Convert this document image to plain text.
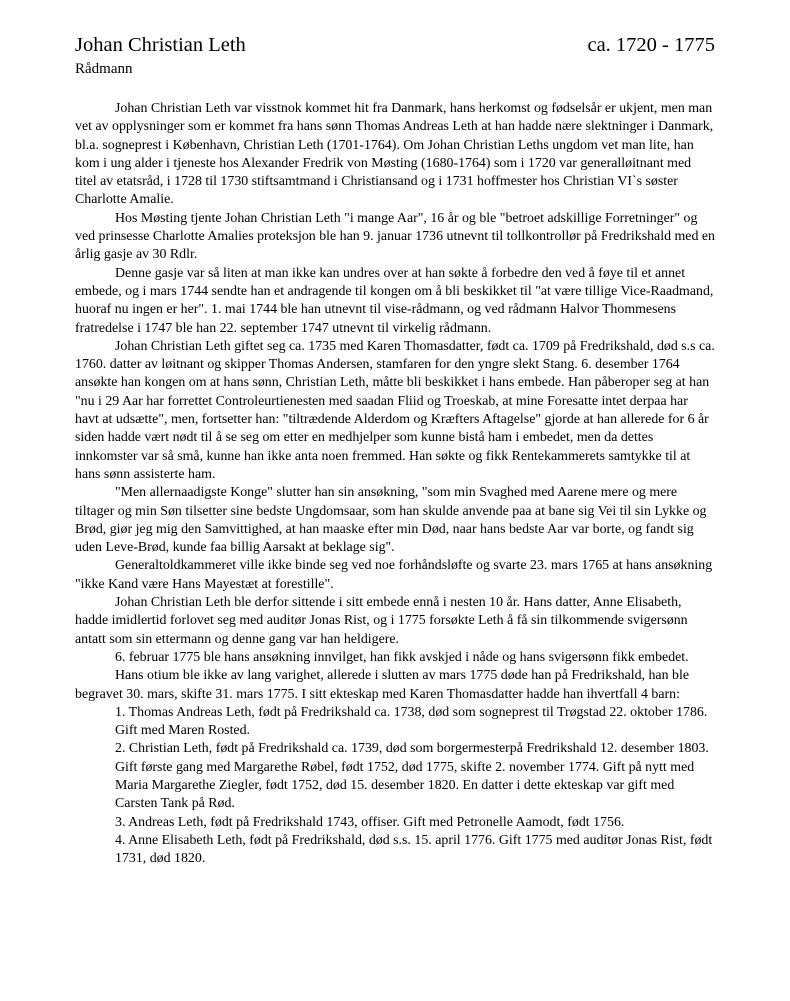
Johan Christian Leth	ca. 1720 - 1775
Rådmann

Johan Christian Leth var visstnok kommet hit fra Danmark, hans herkomst og fødselsår er ukjent, men man vet av opplysninger som er kommet fra hans sønn Thomas Andreas Leth at han hadde nære slektninger i Danmark, bl.a. sogneprest i København, Christian Leth (1701-1764). Om Johan Christian Leths ungdom vet man lite, han kom i ung alder i tjeneste hos Alexander Fredrik von Møsting (1680-1764) som i 1720 var generalløitnant med titel av etatsråd, i 1728 til 1730 stiftsamtmand i Christiansand og i 1731 hoffmester hos Christian VI`s søster Charlotte Amalie.

Hos Møsting tjente Johan Christian Leth "i mange Aar", 16 år og ble "betroet adskillige Forretninger" og ved prinsesse Charlotte Amalies proteksjon ble han 9. januar 1736 utnevnt til tollkontrollør på Fredrikshald med en årlig gasje av 30 Rdlr.

Denne gasje var så liten at man ikke kan undres over at han søkte å forbedre den ved å føye til et annet embede, og i mars 1744 sendte han et andragende til kongen om å bli beskikket til "at være tillige Vice-Raadmand, huoraf nu ingen er her". 1. mai 1744 ble han utnevnt til vise-rådmann, og ved rådmann Halvor Thommesens fratredelse i 1747 ble han 22. september 1747 utnevnt til virkelig rådmann.

Johan Christian Leth giftet seg ca. 1735 med Karen Thomasdatter, født ca. 1709 på Fredrikshald, død s.s ca. 1760. datter av løitnant og skipper Thomas Andersen, stamfaren for den yngre slekt Stang. 6. desember 1764 ansøkte han kongen om at hans sønn, Christian Leth, måtte bli beskikket i hans embede. Han påberoper seg at han "nu i 29 Aar har forrettet Controleurtienesten med saadan Fliid og Troeskab, at mine Foresatte intet derpaa har havt at udsætte", men, fortsetter han: "tiltrædende Alderdom og Kræfters Aftagelse" gjorde at han allerede for 6 år siden hadde vært nødt til å se seg om etter en medhjelper som kunne bistå ham i embedet, men da dettes innkomster var så små, kunne han ikke anta noen fremmed. Han søkte og fikk Rentekammerets samtykke til at hans sønn assisterte ham.

"Men allernaadigste Konge" slutter han sin ansøkning, "som min Svaghed med Aarene mere og mere tiltager og min Søn tilsetter sine bedste Ungdomsaar, som han skulde anvende paa at bane sig Vei til sin Lykke og Brød, giør jeg mig den Samvittighed, at han maaske efter min Død, naar hans bedste Aar var borte, og fandt sig uden Leve-Brød, kunde faa billig Aarsakt at beklage sig".

Generaltoldkammeret ville ikke binde seg ved noe forhåndsløfte og svarte 23. mars 1765 at hans ansøkning "ikke Kand være Hans Mayestæt at forestille".

Johan Christian Leth ble derfor sittende i sitt embede ennå i nesten 10 år. Hans datter, Anne Elisabeth, hadde imidlertid forlovet seg med auditør Jonas Rist, og i 1775 forsøkte Leth å få sin tilkommende svigersønn antatt som sin ettermann og denne gang var han heldigere.

6. februar 1775 ble hans ansøkning innvilget, han fikk avskjed i nåde og hans svigersønn fikk embedet.

Hans otium ble ikke av lang varighet, allerede i slutten av mars 1775 døde han på Fredrikshald, han ble begravet 30. mars, skifte 31. mars 1775. I sitt ekteskap med Karen Thomasdatter hadde han ihvertfall 4 barn:

1. Thomas Andreas Leth, født på Fredrikshald ca. 1738, død som sogneprest til Trøgstad 22. oktober 1786. Gift med Maren Rosted.
2. Christian Leth, født på Fredrikshald ca. 1739, død som borgermesterpå Fredrikshald 12. desember 1803. Gift første gang med Margarethe Røbel, født 1752, død 1775, skifte 2. november 1774. Gift på nytt med Maria Margarethe Ziegler, født 1752, død 15. desember 1820. En datter i dette ekteskap var gift med Carsten Tank på Rød.
3. Andreas Leth, født på Fredrikshald 1743, offiser. Gift med Petronelle Aamodt, født 1756.
4. Anne Elisabeth Leth, født på Fredrikshald, død s.s. 15. april 1776. Gift 1775 med auditør Jonas Rist, født 1731, død 1820.
